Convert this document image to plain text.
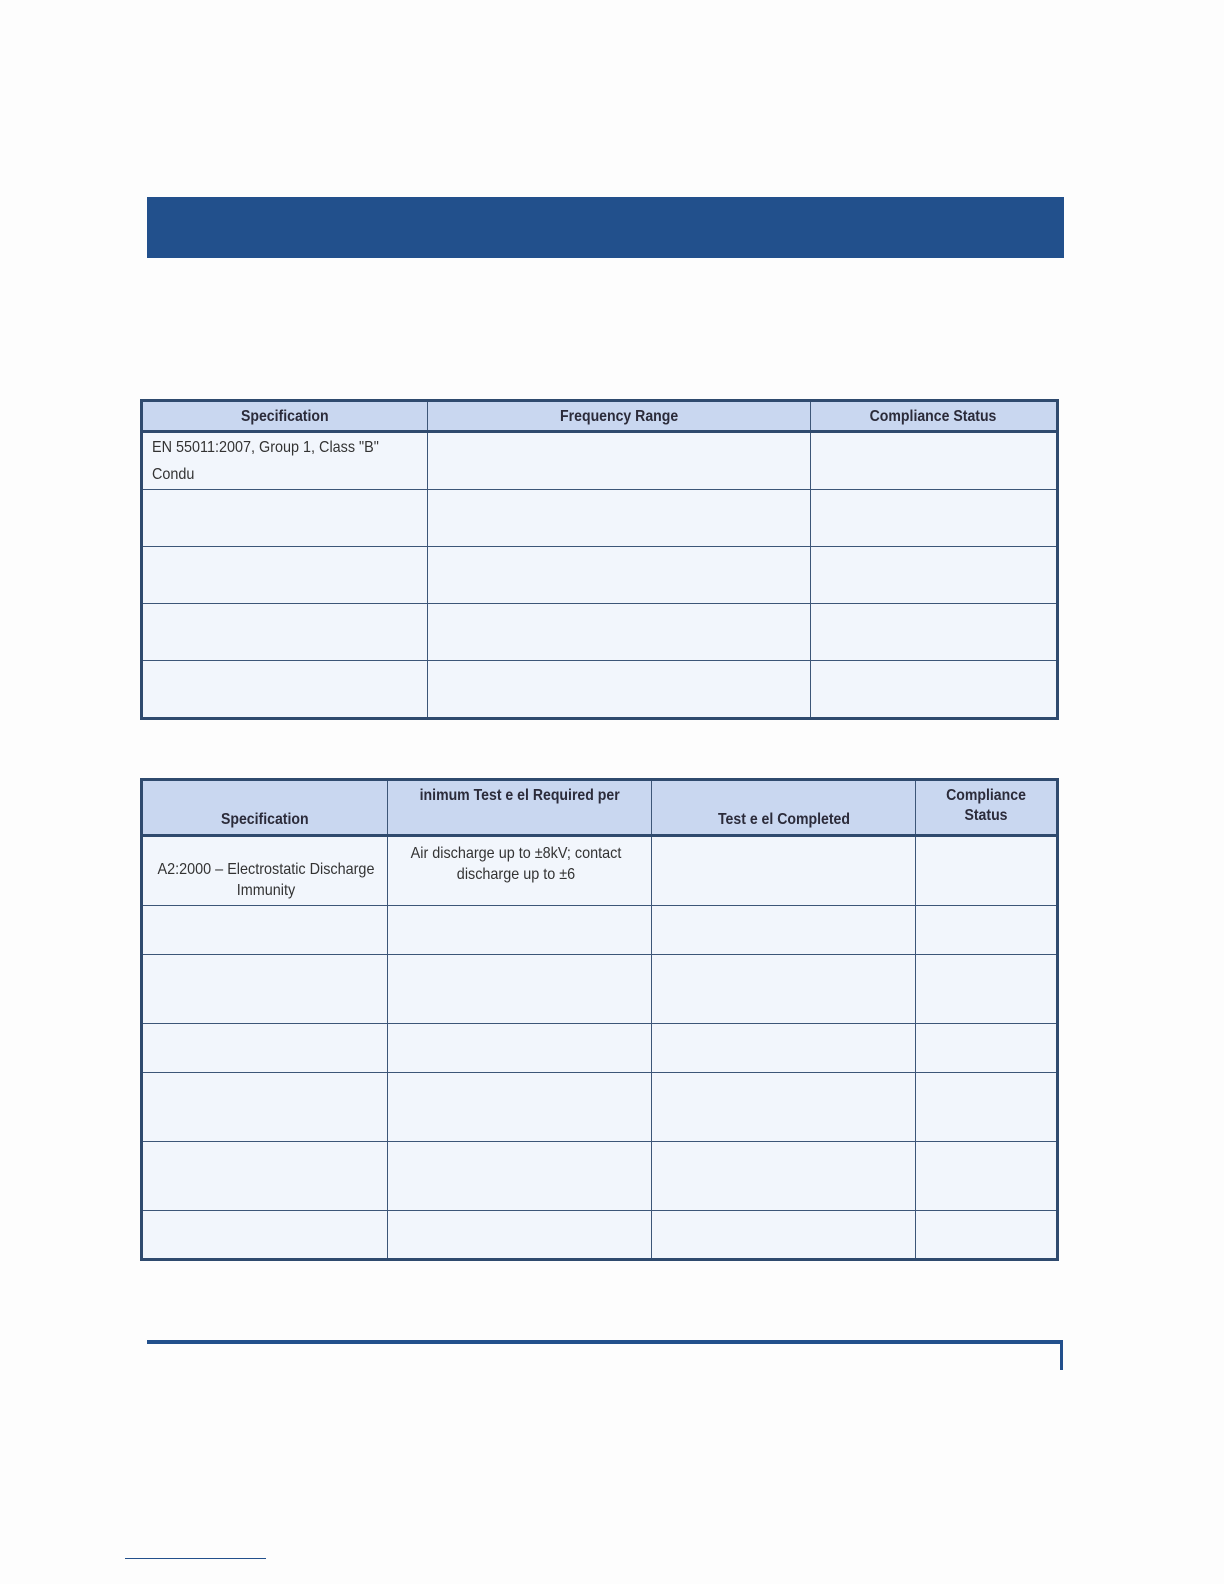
Specification	Frequency Range	Compliance Status
EN 55011:2007, Group 1, Class "B" Condu		

Specification	inimum Test e el Required per	Test e el Completed	Compliance Status
A2:2000 – Electrostatic Discharge Immunity	Air discharge up to ±8kV; contact discharge up to ±6		
